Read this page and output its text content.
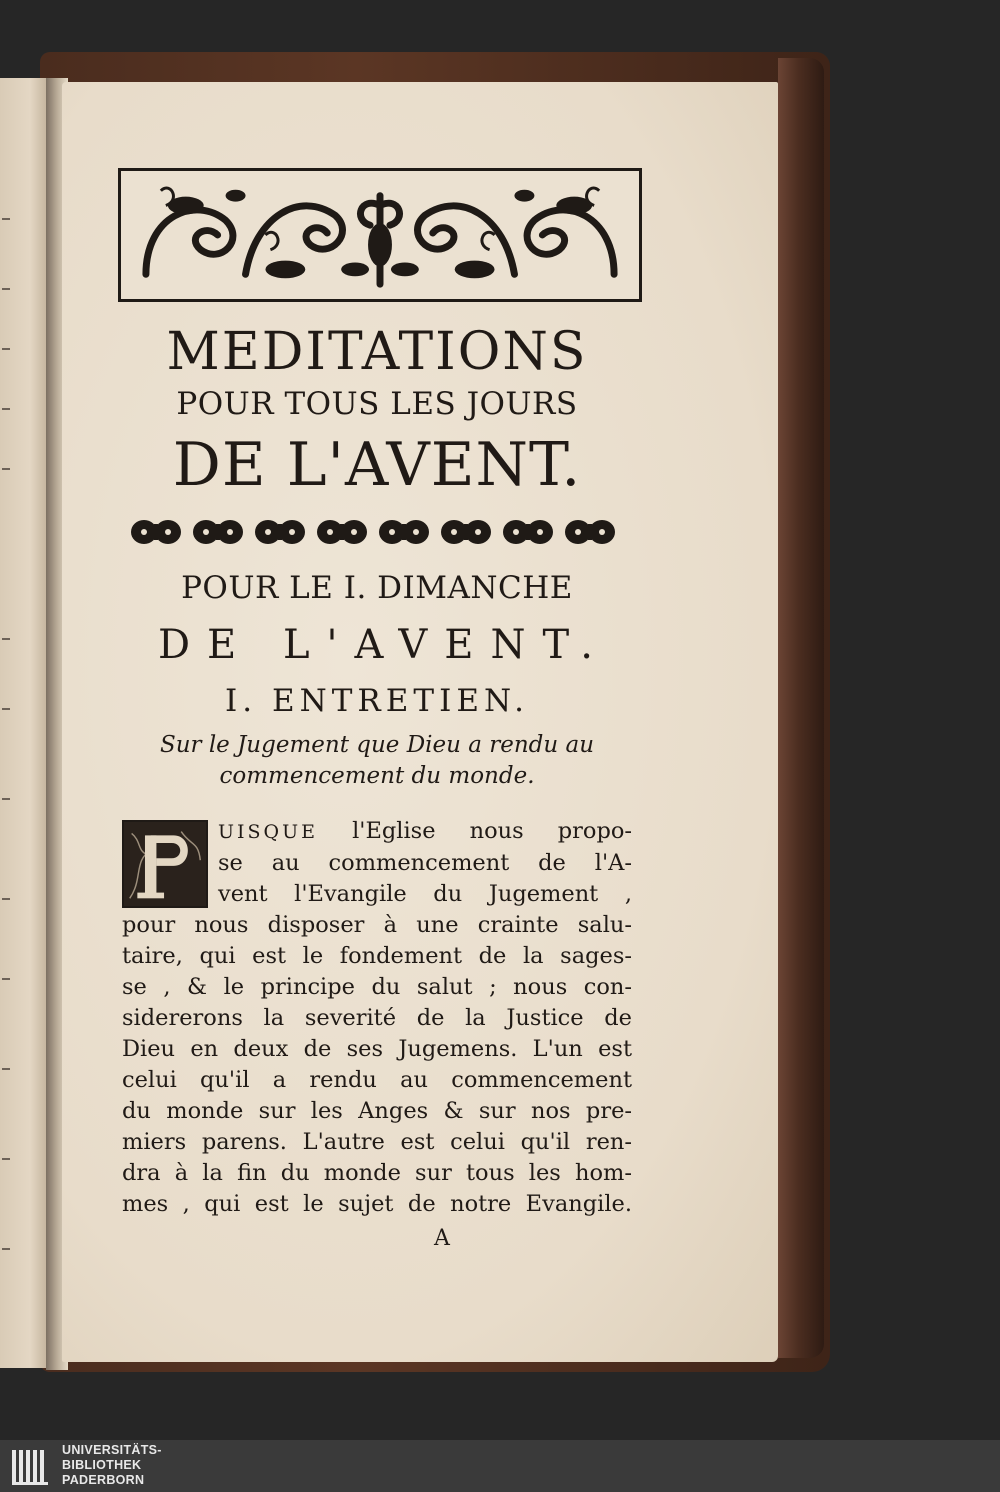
MEDITATIONS
POUR TOUS LES JOURS
DE L'AVENT.
POUR LE I. DIMANCHE
DE L'AVENT.
I. ENTRETIEN.
Sur le Jugement que Dieu a rendu au
commencement du monde.
UISQUE l'Eglise nous propo-
se au commencement de l'A-
vent l'Evangile du Jugement ,
pour nous disposer à une crainte salu-
taire, qui est le fondement de la sages-
se , & le principe du salut ; nous con-
sidererons la severité de la Justice de
Dieu en deux de ses Jugemens. L'un est
celui qu'il a rendu au commencement
du monde sur les Anges & sur nos pre-
miers parens. L'autre est celui qu'il ren-
dra à la fin du monde sur tous les hom-
mes , qui est le sujet de notre Evangile.
A
UNIVERSITÄTS-
BIBLIOTHEK
PADERBORN
